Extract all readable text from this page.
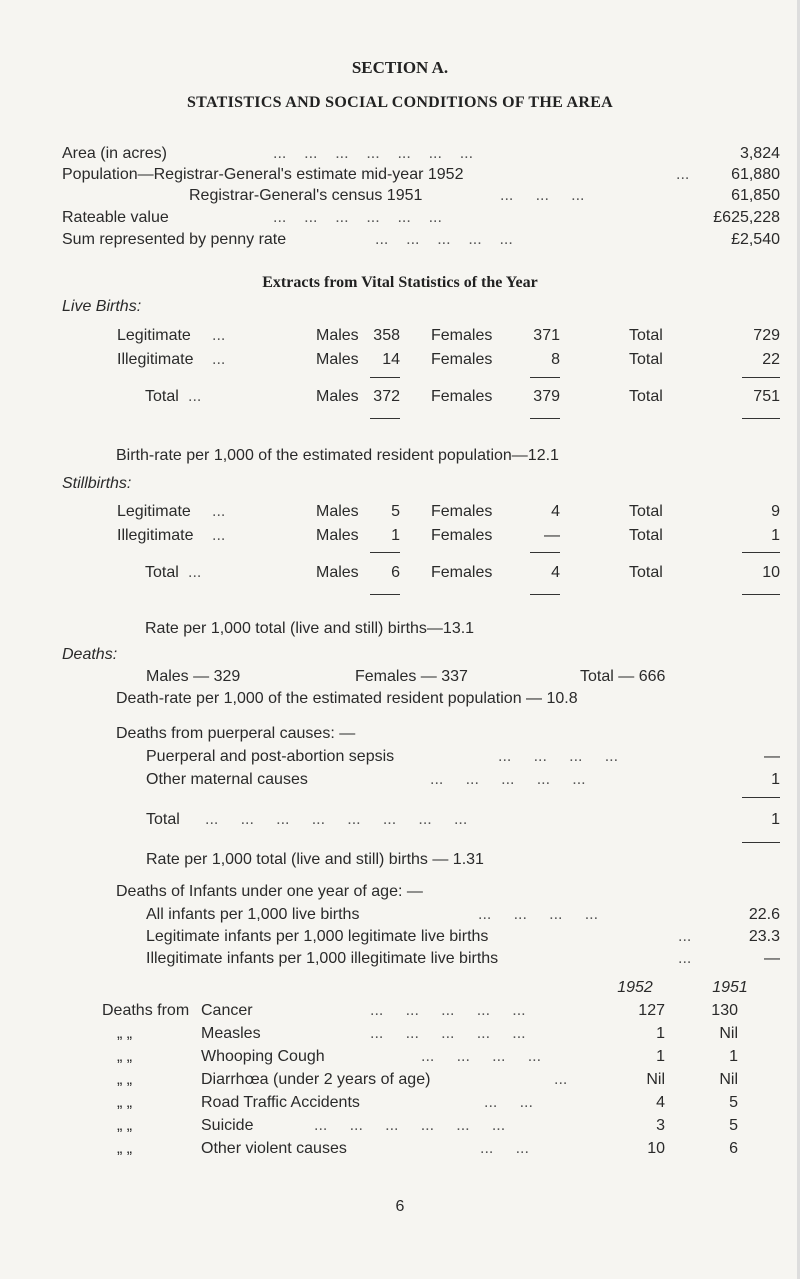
SECTION A.
STATISTICS AND SOCIAL CONDITIONS OF THE AREA
Area (in acres)	...    ...    ...    ...    ...    ...    ...	3,824
Population—Registrar-General's estimate mid-year 1952	...	61,880
Registrar-General's census 1951	...     ...     ...	61,850
Rateable value	...    ...    ...    ...    ...    ...	£625,228
Sum represented by penny rate	...    ...    ...    ...    ...	£2,540
Extracts from Vital Statistics of the Year
Live Births:
Legitimate ...	Males 358 Females	371	Total	729
Illegitimate ...	Males	14 Females	8	Total	22
Total ...	Males 372 Females	379	Total	751
Birth-rate per 1,000 of the estimated resident population—12.1
Stillbirths:
Legitimate ...	Males	5 Females	4	Total	9
Illegitimate ...	Males	1 Females	—	Total	1
Total ...	Males	6 Females	4	Total	10
Rate per 1,000 total (live and still) births—13.1
Deaths:
Males — 329	Females — 337	Total — 666
Death-rate per 1,000 of the estimated resident population — 10.8
Deaths from puerperal causes: —
Puerperal and post-abortion sepsis	...     ...     ...     ...	—
Other maternal causes	...     ...     ...     ...     ...	1
Total ...     ...     ...     ...     ...     ...     ...     ...	1
Rate per 1,000 total (live and still) births — 1.31
Deaths of Infants under one year of age: —
All infants per 1,000 live births	...     ...     ...     ...	22.6
Legitimate infants per 1,000 legitimate live births	...	23.3
Illegitimate infants per 1,000 illegitimate live births	...	—
1952	1951
Deaths from Cancer	...     ...     ...     ...     ...	127	130
„ „	Measles	...     ...     ...     ...     ...	1	Nil
„ „	Whooping Cough	...     ...     ...     ...	1	1
„ „	Diarrhœa (under 2 years of age)	...	Nil	Nil
„ „	Road Traffic Accidents	...     ...	4	5
„ „	Suicide	...     ...     ...     ...     ...     ...	3	5
„ „	Other violent causes	...     ...	10	6
6
